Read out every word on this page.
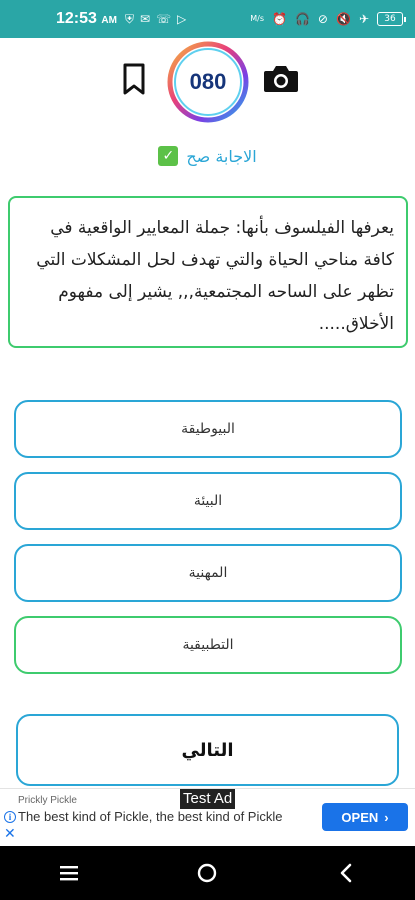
12:53 AM ⛨ ✉ ☏ ▷	M/s ⏰ 🎧 ⊘ 🔇 ✈ 36
080
الاجابة صح
✓
يعرفها الفيلسوف بأنها: جملة المعايير الواقعية في كافة مناحي الحياة والتي تهدف لحل المشكلات التي تظهر على الساحه المجتمعية,,, يشير إلى مفهوم الأخلاق.....
البيوطيقة
البيئة
المهنية
التطبيقية
التالي
Test Ad
Prickly Pickle
i
✕
The best kind of Pickle, the best kind of Pickle	OPEN ›
